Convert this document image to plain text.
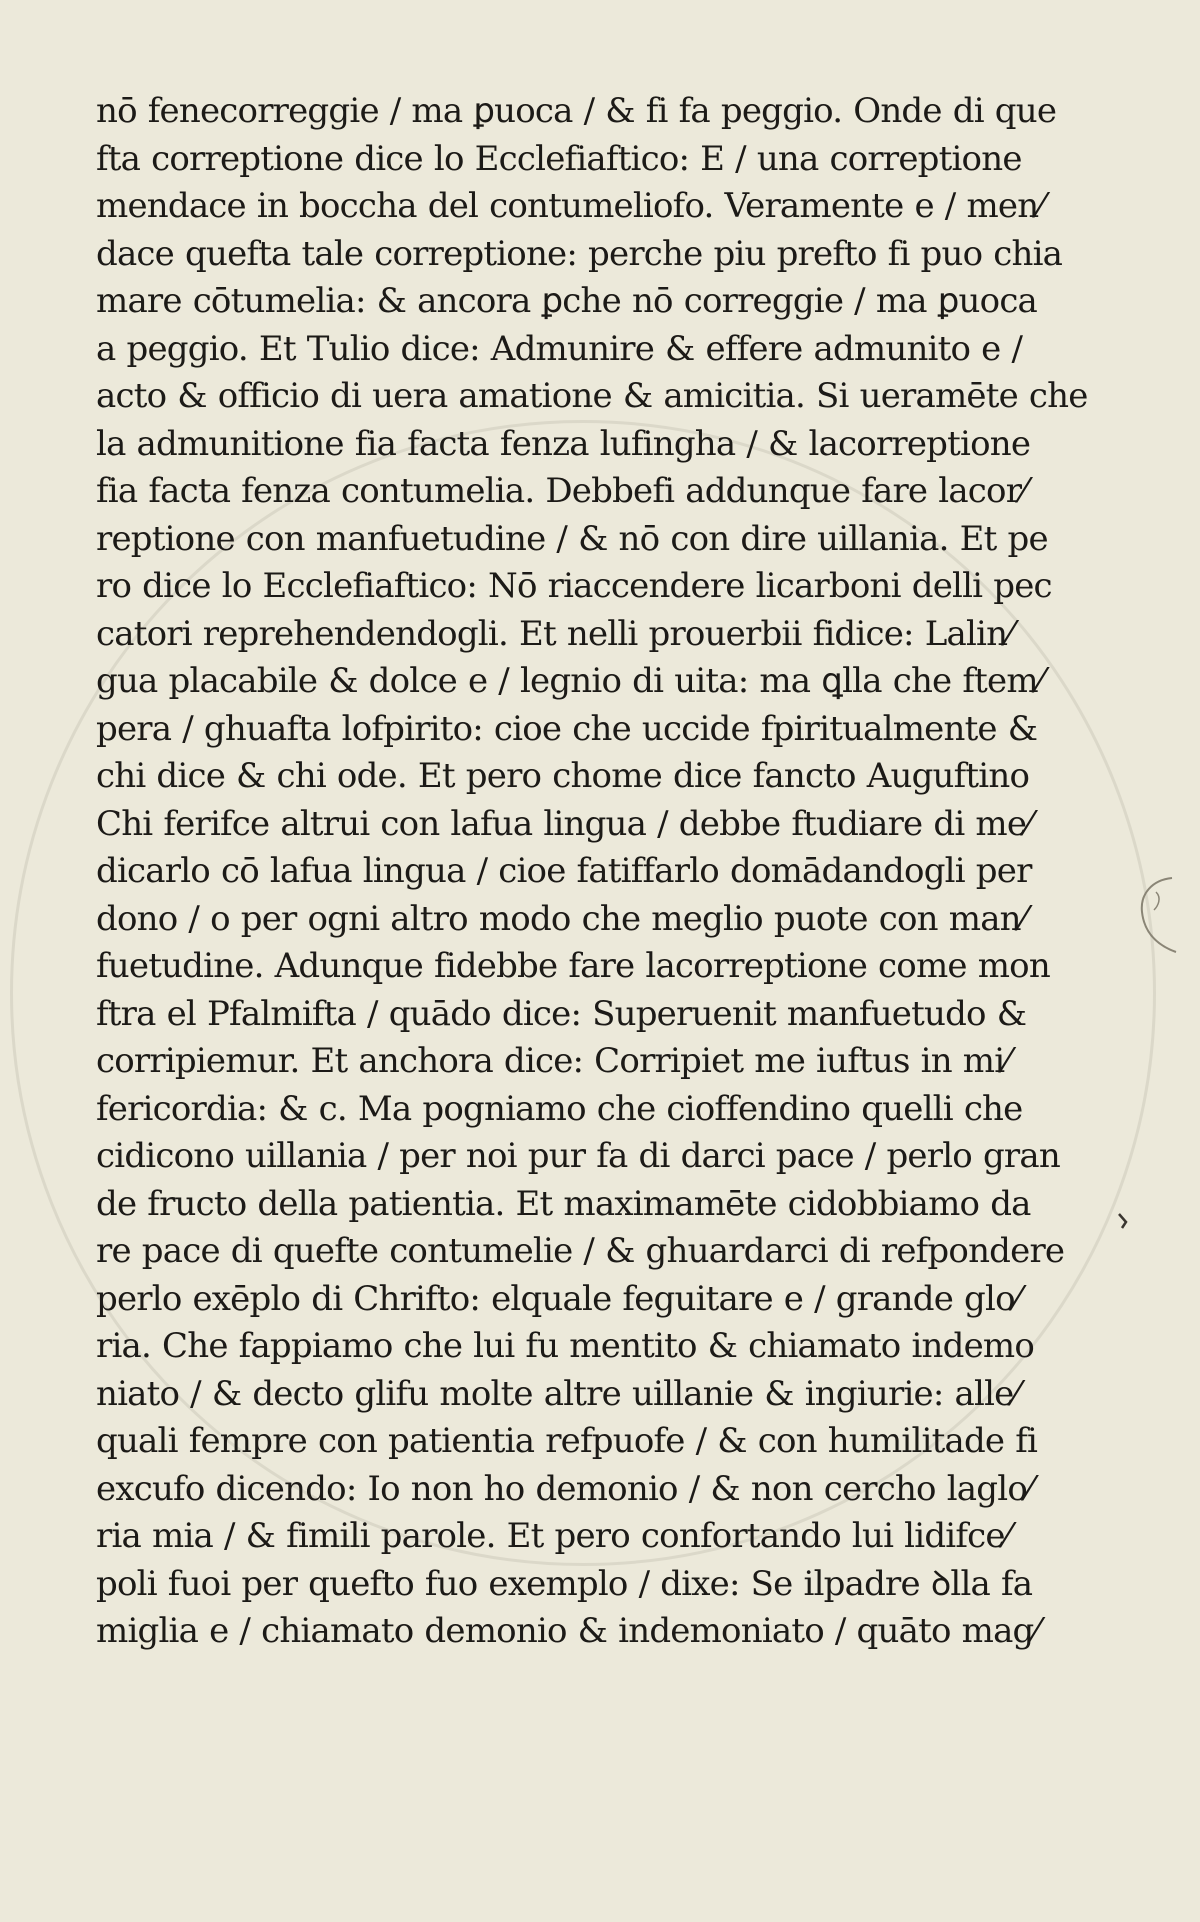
nō fenecorreggie / ma ꝑuoca / & fi fa peggio. Onde di que
fta correptione dice lo Ecclefiaftico: E / una correptione
mendace in boccha del contumeliofo. Veramente e / men⁄
dace quefta tale correptione: perche piu prefto fi puo chia
mare cōtumelia: & ancora ꝑche nō correggie / ma ꝑuoca
a peggio. Et Tulio dice: Admunire & effere admunito e /
acto & officio di uera amatione & amicitia. Si ueramēte che
la admunitione fia facta fenza lufingha / & lacorreptione
fia facta fenza contumelia. Debbefi addunque fare lacor⁄
reptione con manfuetudine / & nō con dire uillania. Et pe
ro dice lo Ecclefiaftico: Nō riaccendere licarboni delli pec
catori reprehendendogli. Et nelli prouerbii fidice: Lalin⁄
gua placabile & dolce e / legnio di uita: ma ꝗlla che ftem⁄
pera / ghuafta lofpirito: cioe che uccide fpiritualmente &
chi dice & chi ode. Et pero chome dice fancto Auguftino
Chi ferifce altrui con lafua lingua / debbe ftudiare di me⁄
dicarlo cō lafua lingua / cioe fatiffarlo domādandogli per
dono / o per ogni altro modo che meglio puote con man⁄
fuetudine. Adunque fidebbe fare lacorreptione come mon
ftra el Pfalmifta / quādo dice: Superuenit manfuetudo &
corripiemur. Et anchora dice: Corripiet me iuftus in mi⁄
fericordia: & c. Ma pogniamo che cioffendino quelli che
cidicono uillania / per noi pur fa di darci pace / perlo gran
de fructo della patientia. Et maximamēte cidobbiamo da
re pace di quefte contumelie / & ghuardarci di refpondere
perlo exēplo di Chrifto: elquale feguitare e / grande glo⁄
ria. Che fappiamo che lui fu mentito & chiamato indemo
niato / & decto glifu molte altre uillanie & ingiurie: alle⁄
quali fempre con patientia refpuofe / & con humilitade fi
excufo dicendo: Io non ho demonio / & non cercho laglo⁄
ria mia / & fimili parole. Et pero confortando lui lidifce⁄
poli fuoi per quefto fuo exemplo / dixe: Se ilpadre ꝺlla fa
miglia e / chiamato demonio & indemoniato / quāto mag⁄
